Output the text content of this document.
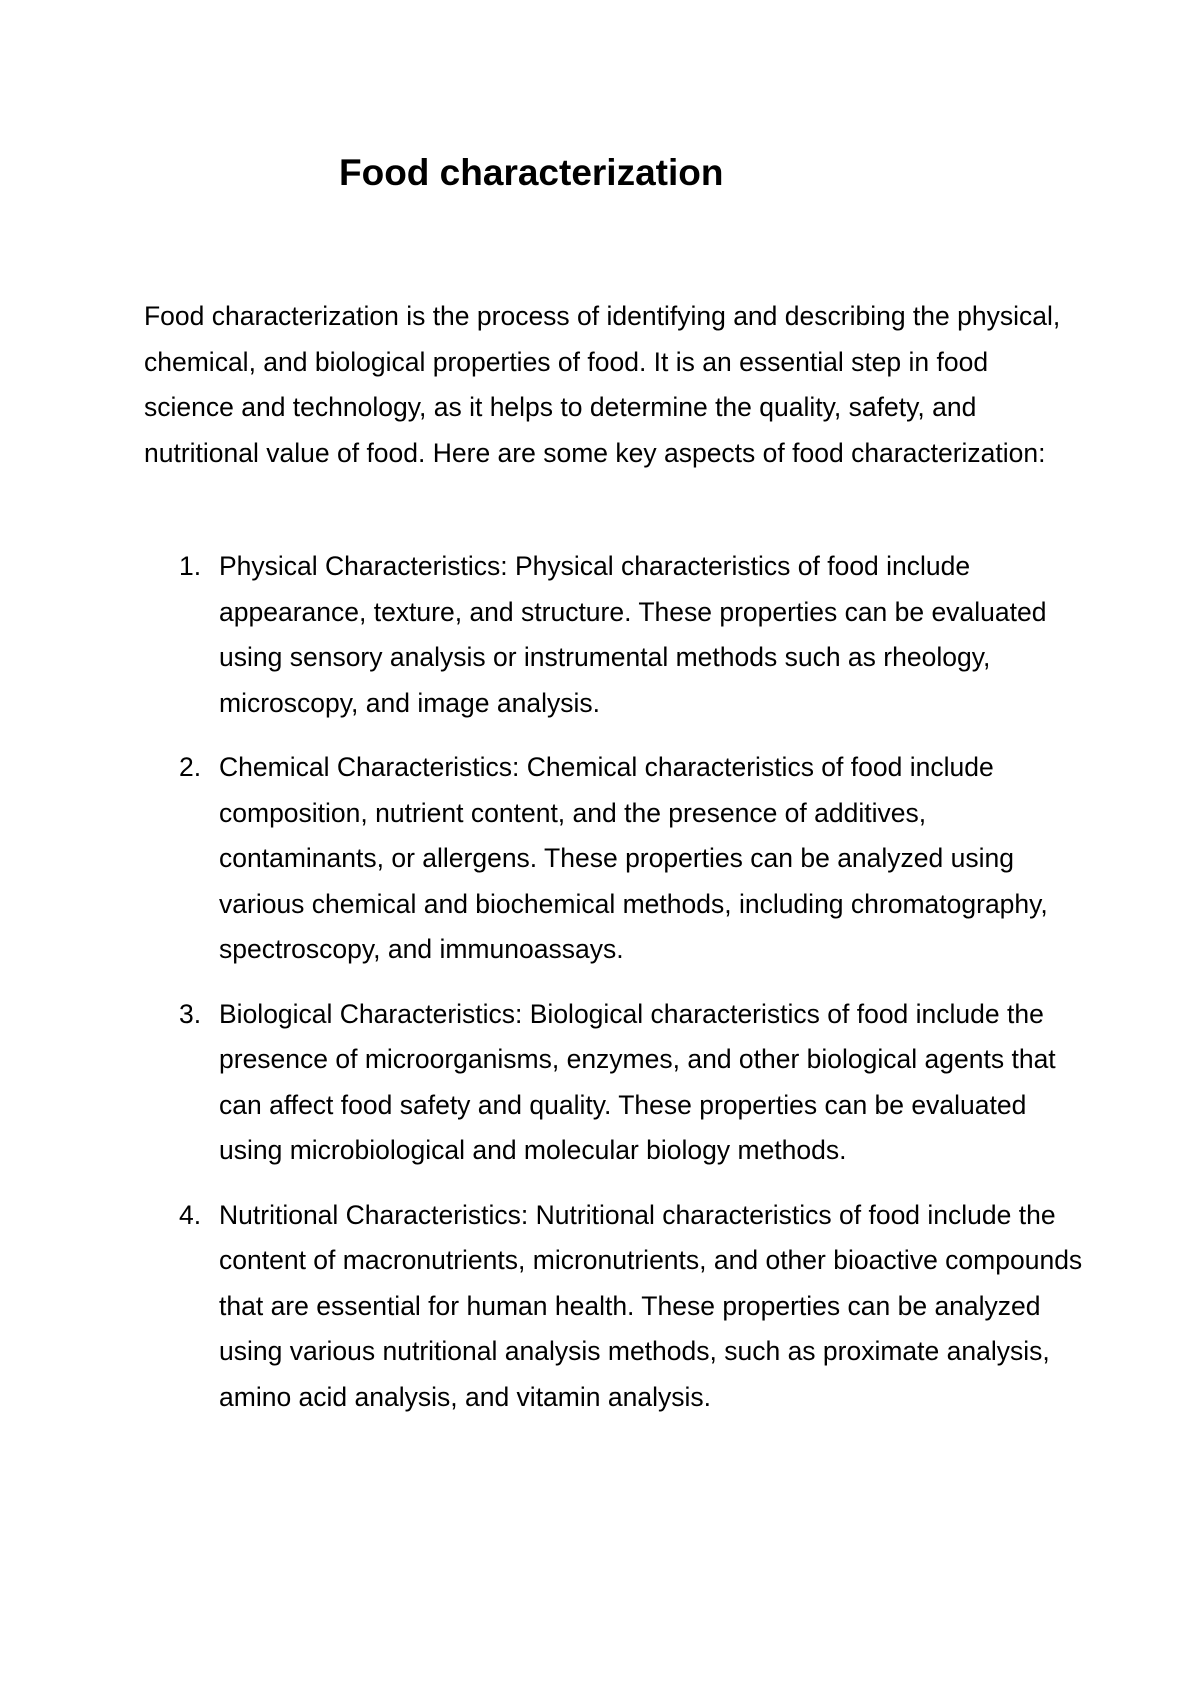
Food characterization

Food characterization is the process of identifying and describing the physical, chemical, and biological properties of food. It is an essential step in food science and technology, as it helps to determine the quality, safety, and nutritional value of food. Here are some key aspects of food characterization:

1. Physical Characteristics: Physical characteristics of food include appearance, texture, and structure. These properties can be evaluated using sensory analysis or instrumental methods such as rheology, microscopy, and image analysis.
2. Chemical Characteristics: Chemical characteristics of food include composition, nutrient content, and the presence of additives, contaminants, or allergens. These properties can be analyzed using various chemical and biochemical methods, including chromatography, spectroscopy, and immunoassays.
3. Biological Characteristics: Biological characteristics of food include the presence of microorganisms, enzymes, and other biological agents that can affect food safety and quality. These properties can be evaluated using microbiological and molecular biology methods.
4. Nutritional Characteristics: Nutritional characteristics of food include the content of macronutrients, micronutrients, and other bioactive compounds that are essential for human health. These properties can be analyzed using various nutritional analysis methods, such as proximate analysis, amino acid analysis, and vitamin analysis.
